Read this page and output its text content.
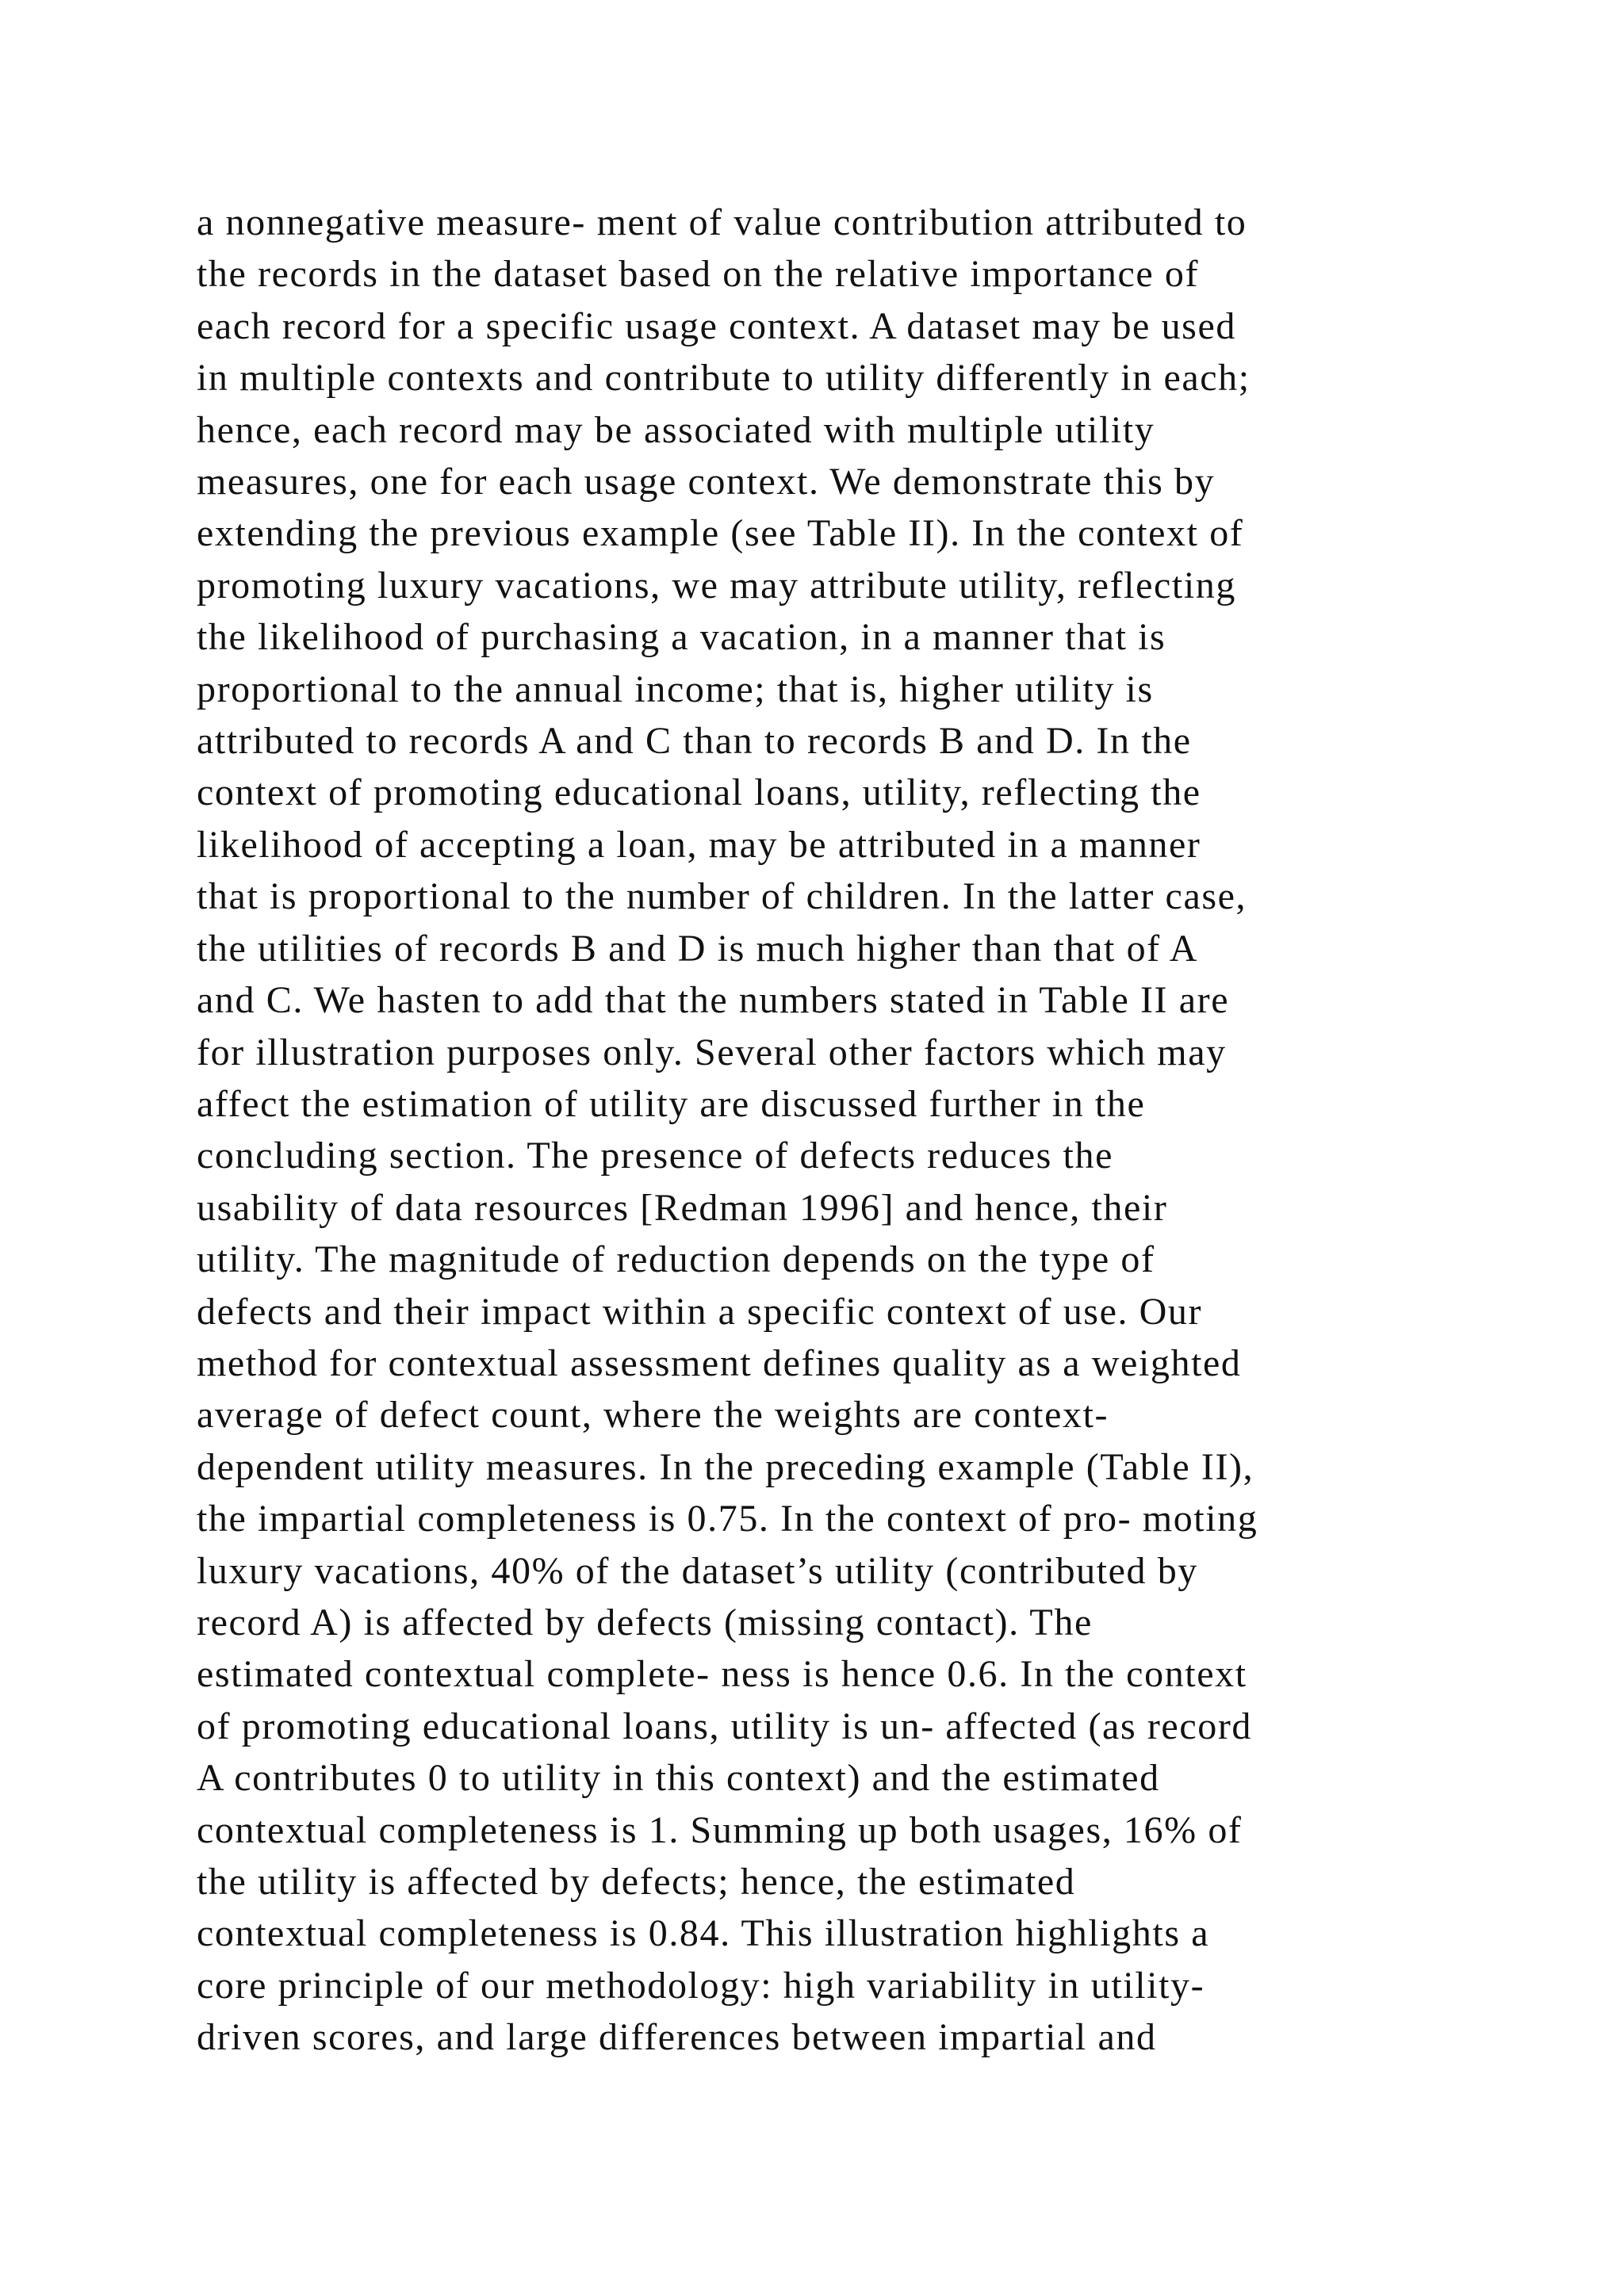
a nonnegative measure- ment of value contribution attributed to
the records in the dataset based on the relative importance of
each record for a specific usage context. A dataset may be used
in multiple contexts and contribute to utility differently in each;
hence, each record may be associated with multiple utility
measures, one for each usage context. We demonstrate this by
extending the previous example (see Table II). In the context of
promoting luxury vacations, we may attribute utility, reflecting
the likelihood of purchasing a vacation, in a manner that is
proportional to the annual income; that is, higher utility is
attributed to records A and C than to records B and D. In the
context of promoting educational loans, utility, reflecting the
likelihood of accepting a loan, may be attributed in a manner
that is proportional to the number of children. In the latter case,
the utilities of records B and D is much higher than that of A
and C. We hasten to add that the numbers stated in Table II are
for illustration purposes only. Several other factors which may
affect the estimation of utility are discussed further in the
concluding section. The presence of defects reduces the
usability of data resources [Redman 1996] and hence, their
utility. The magnitude of reduction depends on the type of
defects and their impact within a specific context of use. Our
method for contextual assessment defines quality as a weighted
average of defect count, where the weights are context-
dependent utility measures. In the preceding example (Table II),
the impartial completeness is 0.75. In the context of pro- moting
luxury vacations, 40% of the dataset’s utility (contributed by
record A) is affected by defects (missing contact). The
estimated contextual complete- ness is hence 0.6. In the context
of promoting educational loans, utility is un- affected (as record
A contributes 0 to utility in this context) and the estimated
contextual completeness is 1. Summing up both usages, 16% of
the utility is affected by defects; hence, the estimated
contextual completeness is 0.84. This illustration highlights a
core principle of our methodology: high variability in utility-
driven scores, and large differences between impartial and
